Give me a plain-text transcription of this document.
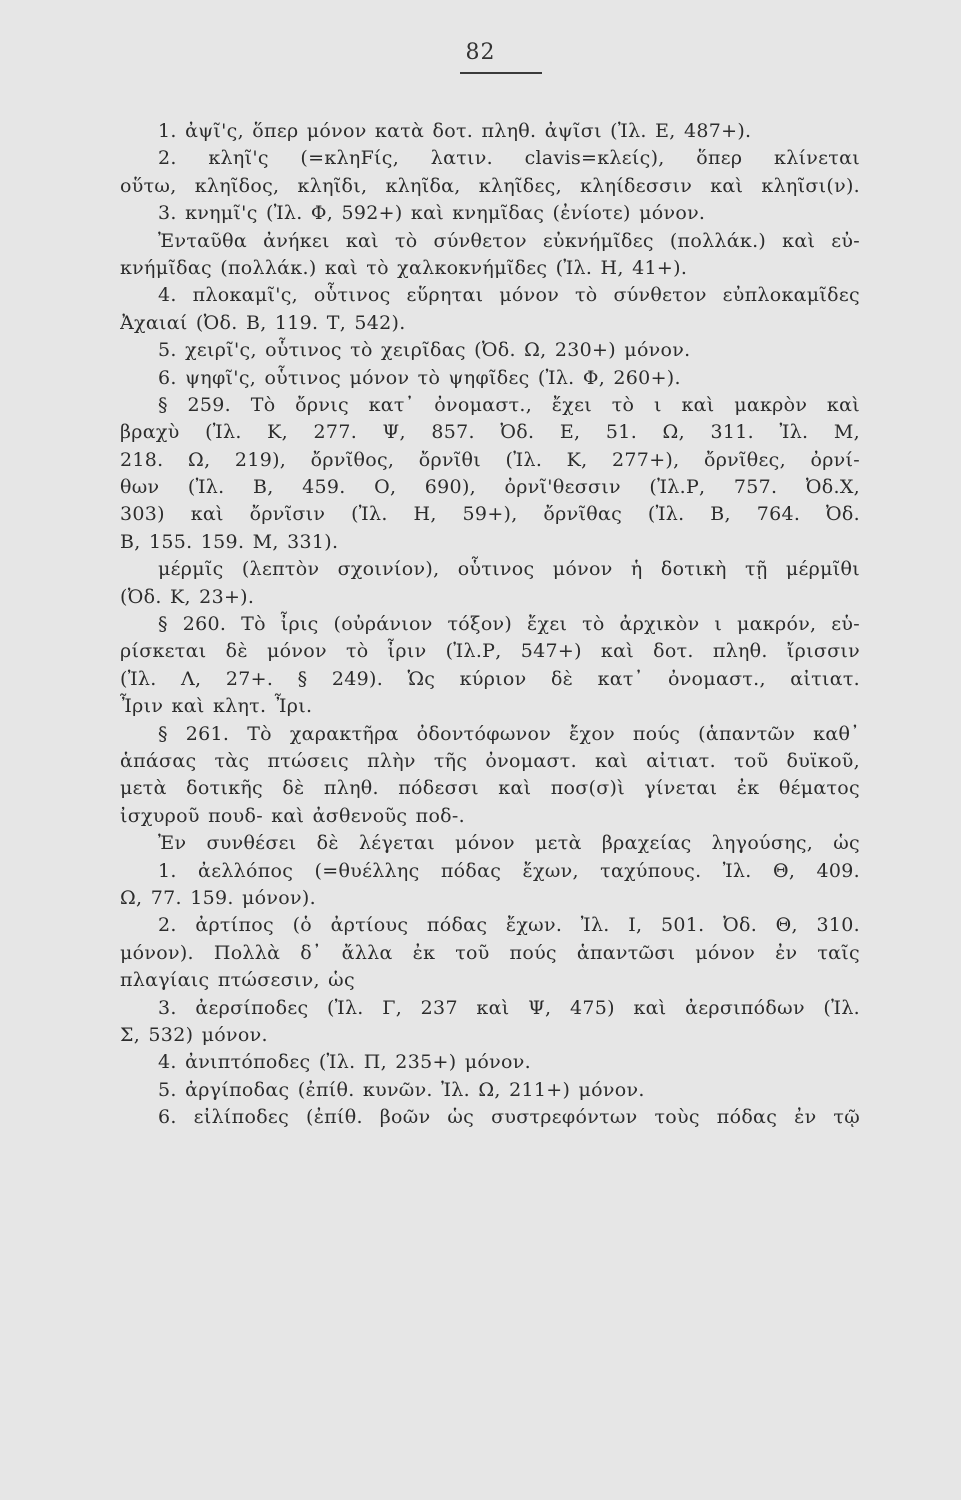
82
1. ἀψῖ'ς, ὅπερ μόνον κατὰ δοτ. πληθ. ἀψῖσι (Ἰλ. Ε, 487+).
2. κληῖ'ς (=κληFίς, λατιν. clavis=κλείς), ὅπερ κλίνεται
οὕτω, κληῖδος, κληῖδι, κληῖδα, κληῖδες, κληίδεσσιν καὶ κληῖσι(ν).
3. κνημῖ'ς (Ἰλ. Φ, 592+) καὶ κνημῖδας (ἐνίοτε) μόνον.
Ἐνταῦθα ἀνήκει καὶ τὸ σύνθετον εὐκνήμῖδες (πολλάκ.) καὶ εὐ-
κνήμῖδας (πολλάκ.) καὶ τὸ χαλκοκνήμῖδες (Ἰλ. Η, 41+).
4. πλοκαμῖ'ς, οὗτινος εὕρηται μόνον τὸ σύνθετον εὐπλοκαμῖδες
Ἀχαιαί (Ὀδ. Β, 119. Τ, 542).
5. χειρῖ'ς, οὗτινος τὸ χειρῖδας (Ὀδ. Ω, 230+) μόνον.
6. ψηφῖ'ς, οὗτινος μόνον τὸ ψηφῖδες (Ἰλ. Φ, 260+).
§ 259. Τὸ ὄρνις κατ᾽ ὀνομαστ., ἔχει τὸ ι καὶ μακρὸν καὶ
βραχὺ (Ἰλ. Κ, 277. Ψ, 857. Ὀδ. Ε, 51. Ω, 311. Ἰλ. Μ,
218. Ω, 219), ὄρνῖθος, ὄρνῖθι (Ἰλ. Κ, 277+), ὄρνῖθες, ὀρνί-
θων (Ἰλ. Β, 459. Ο, 690), ὀρνῖ'θεσσιν (Ἰλ.Ρ, 757. Ὀδ.Χ,
303) καὶ ὄρνῖσιν (Ἰλ. Η, 59+), ὄρνῖθας (Ἰλ. Β, 764. Ὀδ.
Β, 155. 159. Μ, 331).
μέρμῖς (λεπτὸν σχοινίον), οὗτινος μόνον ἡ δοτικὴ τῇ μέρμῖθι
(Ὀδ. Κ, 23+).
§ 260. Τὸ ἶρις (οὐράνιον τόξον) ἔχει τὸ ἀρχικὸν ι μακρόν, εὑ-
ρίσκεται δὲ μόνον τὸ ἶριν (Ἰλ.Ρ, 547+) καὶ δοτ. πληθ. ἴρισσιν
(Ἰλ. Λ, 27+. § 249). Ὡς κύριον δὲ κατ᾽ ὀνομαστ., αἰτιατ.
Ἶριν καὶ κλητ. Ἶρι.
§ 261. Τὸ χαρακτῆρα ὀδοντόφωνον ἔχον πούς (ἁπαντῶν καθ᾽
ἁπάσας τὰς πτώσεις πλὴν τῆς ὀνομαστ. καὶ αἰτιατ. τοῦ δυϊκοῦ,
μετὰ δοτικῆς δὲ πληθ. πόδεσσι καὶ ποσ(σ)ὶ γίνεται ἐκ θέματος
ἰσχυροῦ πουδ- καὶ ἀσθενοῦς ποδ-.
Ἐν συνθέσει δὲ λέγεται μόνον μετὰ βραχείας ληγούσης, ὡς
1. ἀελλόπος (=θυέλλης πόδας ἔχων, ταχύπους. Ἰλ. Θ, 409.
Ω, 77. 159. μόνον).
2. ἀρτίπος (ὁ ἀρτίους πόδας ἔχων. Ἰλ. Ι, 501. Ὀδ. Θ, 310.
μόνον). Πολλὰ δ᾽ ἄλλα ἐκ τοῦ πούς ἁπαντῶσι μόνον ἐν ταῖς
πλαγίαις πτώσεσιν, ὡς
3. ἀερσίποδες (Ἰλ. Γ, 237 καὶ Ψ, 475) καὶ ἀερσιπόδων (Ἰλ.
Σ, 532) μόνον.
4. ἀνιπτόποδες (Ἰλ. Π, 235+) μόνον.
5. ἀργίποδας (ἐπίθ. κυνῶν. Ἰλ. Ω, 211+) μόνον.
6. εἰλίποδες (ἐπίθ. βοῶν ὡς συστρεφόντων τοὺς πόδας ἐν τῷ
